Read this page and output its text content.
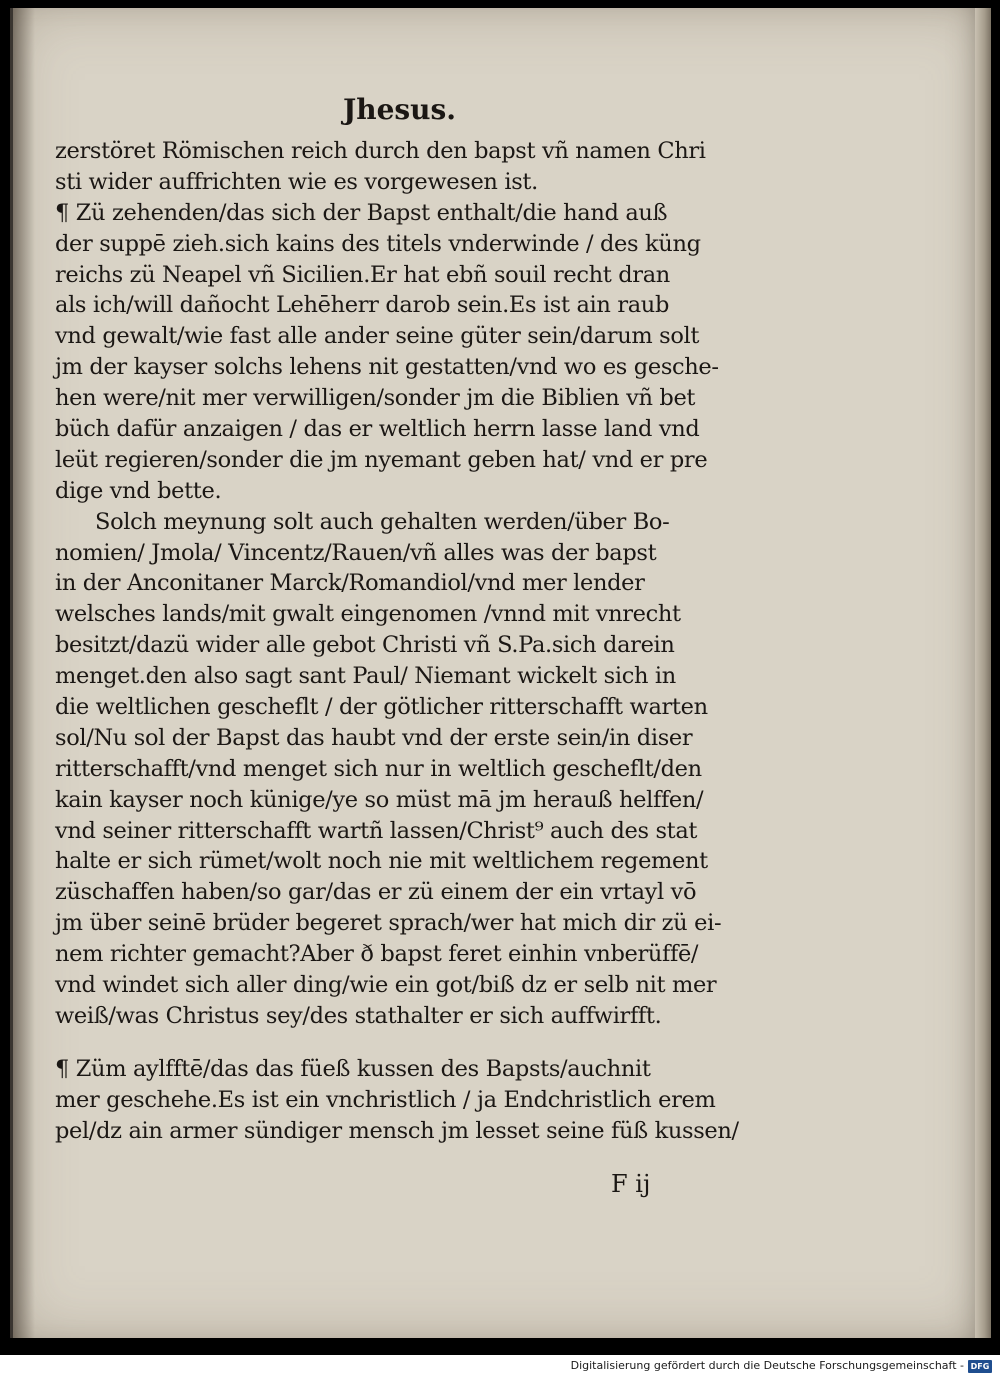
Jhesus.
zerstöret Römischen reich durch den bapst vñ namen Chri
sti wider auffrichten wie es vorgewesen ist.
¶ Zü zehenden/das sich der Bapst enthalt/die hand auß
der suppē zieh.sich kains des titels vnderwinde / des küng
reichs zü Neapel vñ Sicilien.Er hat ebñ souil recht dran
als ich/will dañocht Lehēherr darob sein.Es ist ain raub
vnd gewalt/wie fast alle ander seine güter sein/darum solt
jm der kayser solchs lehens nit gestatten/vnd wo es gesche-
hen were/nit mer verwilligen/sonder jm die Biblien vñ bet
büch dafür anzaigen / das er weltlich herrn lasse land vnd
leüt regieren/sonder die jm nyemant geben hat/ vnd er pre
dige vnd bette.
Solch meynung solt auch gehalten werden/über Bo-
nomien/ Jmola/ Vincentz/Rauen/vñ alles was der bapst
in der Anconitaner Marck/Romandiol/vnd mer lender
welsches lands/mit gwalt eingenomen /vnnd mit vnrecht
besitzt/dazü wider alle gebot Christi vñ S.Pa.sich darein
menget.den also sagt sant Paul/ Niemant wickelt sich in
die weltlichen gescheflt / der götlicher ritterschafft warten
sol/Nu sol der Bapst das haubt vnd der erste sein/in diser
ritterschafft/vnd menget sich nur in weltlich gescheflt/den
kain kayser noch künige/ye so müst mā jm herauß helffen/
vnd seiner ritterschafft wartñ lassen/Christ⁹ auch des stat
halte er sich rümet/wolt noch nie mit weltlichem regement
züschaffen haben/so gar/das er zü einem der ein vrtayl vō
jm über seinē brüder begeret sprach/wer hat mich dir zü ei-
nem richter gemacht?Aber ð bapst feret einhin vnberüffē/
vnd windet sich aller ding/wie ein got/biß dz er selb nit mer
weiß/was Christus sey/des stathalter er sich auffwirfft.
¶ Züm aylfftē/das das füeß kussen des Bapsts/auchnit
mer geschehe.Es ist ein vnchristlich / ja Endchristlich erem
pel/dz ain armer sündiger mensch jm lesset seine füß kussen/
F ij
Digitalisierung gefördert durch die Deutsche Forschungsgemeinschaft - DFG
